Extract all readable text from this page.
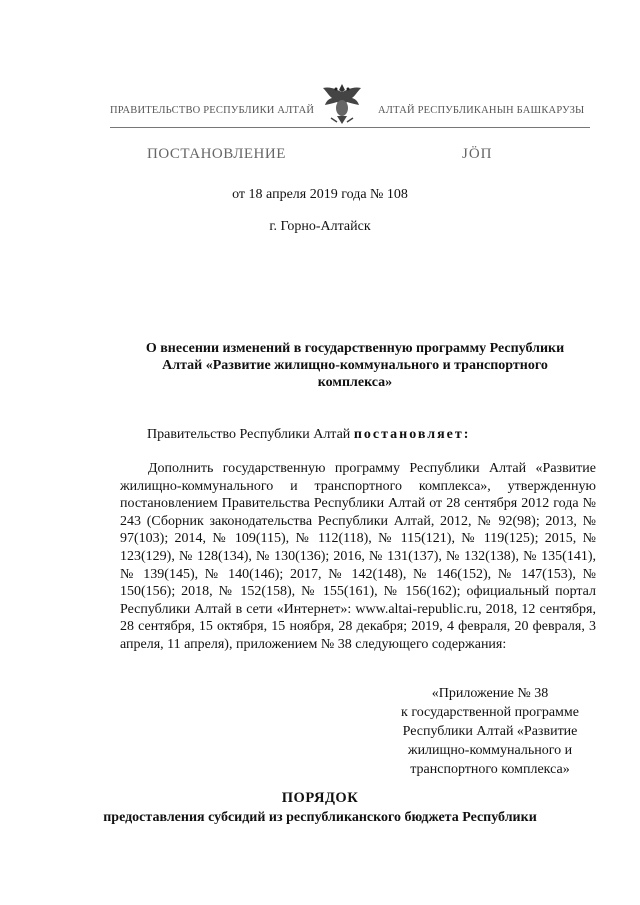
ПРАВИТЕЛЬСТВО РЕСПУБЛИКИ АЛТАЙ	АЛТАЙ РЕСПУБЛИКАНЫН БАШКАРУЗЫ
ПОСТАНОВЛЕНИЕ	ЈӦП
от 18 апреля 2019 года № 108
г. Горно-Алтайск
О внесении изменений в государственную программу Республики
Алтай «Развитие жилищно-коммунального и транспортного
комплекса»
Правительство Республики Алтай постановляет:

Дополнить государственную программу Республики Алтай «Развитие жилищно-коммунального и транспортного комплекса», утвержденную постановлением Правительства Республики Алтай от 28 сентября 2012 года № 243 (Сборник законодательства Республики Алтай, 2012, № 92(98); 2013, № 97(103); 2014, № 109(115), № 112(118), № 115(121), № 119(125); 2015, № 123(129), № 128(134), № 130(136); 2016, № 131(137), № 132(138), № 135(141), № 139(145), № 140(146); 2017, № 142(148), № 146(152), № 147(153), № 150(156); 2018, № 152(158), № 155(161), № 156(162); официальный портал Республики Алтай в сети «Интернет»: www.altai-republic.ru, 2018, 12 сентября, 28 сентября, 15 октября, 15 ноября, 28 декабря; 2019, 4 февраля, 20 февраля, 3 апреля, 11 апреля), приложением № 38 следующего содержания:

«Приложение № 38
к государственной программе
Республики Алтай «Развитие
жилищно-коммунального и
транспортного комплекса»
ПОРЯДОК
предоставления субсидий из республиканского бюджета Республики
